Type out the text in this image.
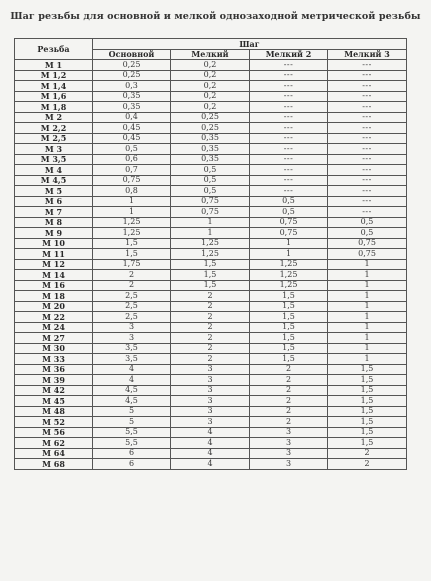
Шаг резьбы для основной и мелкой однозаходной метрической резьбы
Резьба	Шаг			
	Основной	Мелкий	Мелкий 2	Мелкий 3
М 1	0,25	0,2	---	---
М 1,2	0,25	0,2	---	---
М 1,4	0,3	0,2	---	---
М 1,6	0,35	0,2	---	---
М 1,8	0,35	0,2	---	---
М 2	0,4	0,25	---	---
М 2,2	0,45	0,25	---	---
М 2,5	0,45	0,35	---	---
М 3	0,5	0,35	---	---
М 3,5	0,6	0,35	---	---
М 4	0,7	0,5	---	---
М 4,5	0,75	0,5	---	---
М 5	0,8	0,5	---	---
М 6	1	0,75	0,5	---
М 7	1	0,75	0,5	---
М 8	1,25	1	0,75	0,5
М 9	1,25	1	0,75	0,5
М 10	1,5	1,25	1	0,75
М 11	1,5	1,25	1	0,75
М 12	1,75	1,5	1,25	1
М 14	2	1,5	1,25	1
М 16	2	1,5	1,25	1
М 18	2,5	2	1,5	1
М 20	2,5	2	1,5	1
М 22	2,5	2	1,5	1
М 24	3	2	1,5	1
М 27	3	2	1,5	1
М 30	3,5	2	1,5	1
М 33	3,5	2	1,5	1
М 36	4	3	2	1,5
М 39	4	3	2	1,5
М 42	4,5	3	2	1,5
М 45	4,5	3	2	1,5
М 48	5	3	2	1,5
М 52	5	3	2	1,5
М 56	5,5	4	3	1,5
М 62	5,5	4	3	1,5
М 64	6	4	3	2
М 68	6	4	3	2
